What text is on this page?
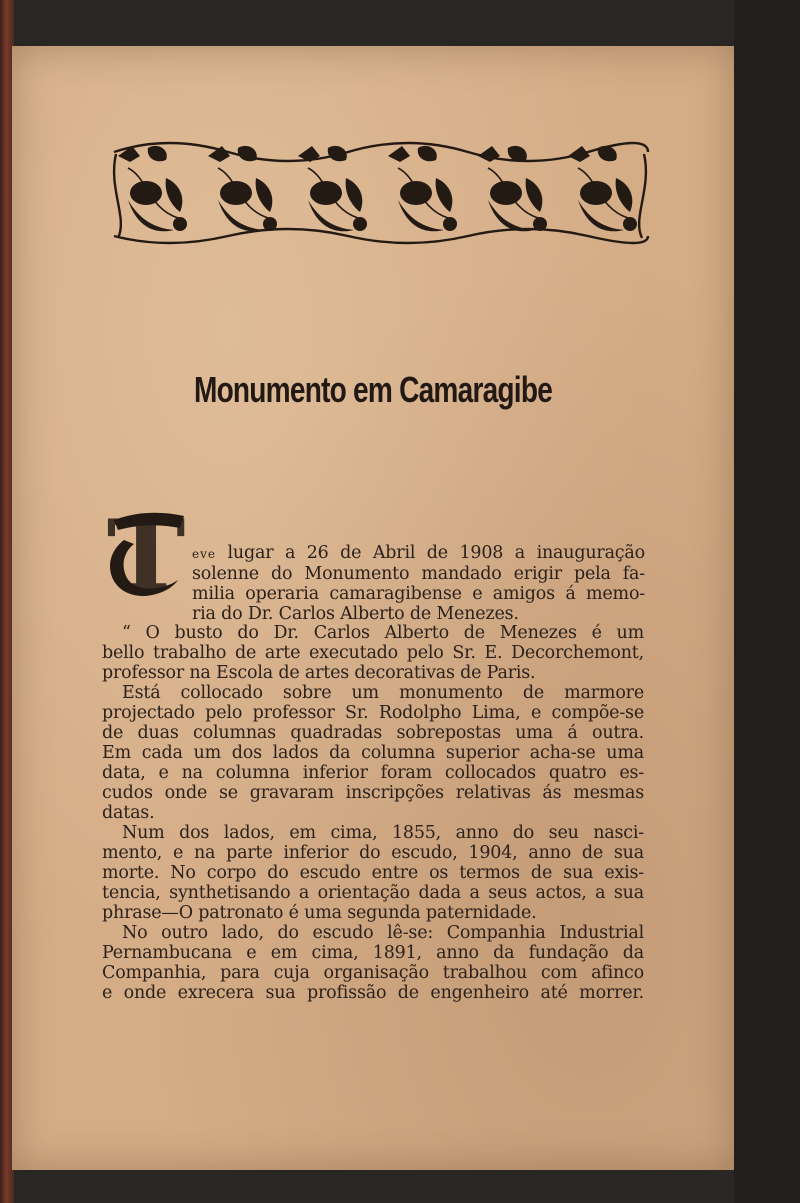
Monumento em Camaragibe
T eve lugar a 26 de Abril de 1908 a inauguração
solenne do Monumento mandado erigir pela fa-
milia operaria camaragibense e amigos á memo-
ria do Dr. Carlos Alberto de Menezes.
“ O busto do Dr. Carlos Alberto de Menezes é um
bello trabalho de arte executado pelo Sr. E. Decorchemont,
professor na Escola de artes decorativas de Paris.
Está collocado sobre um monumento de marmore
projectado pelo professor Sr. Rodolpho Lima, e compõe-se
de duas columnas quadradas sobrepostas uma á outra.
Em cada um dos lados da columna superior acha-se uma
data, e na columna inferior foram collocados quatro es-
cudos onde se gravaram inscripções relativas ás mesmas
datas.
Num dos lados, em cima, 1855, anno do seu nasci-
mento, e na parte inferior do escudo, 1904, anno de sua
morte. No corpo do escudo entre os termos de sua exis-
tencia, synthetisando a orientação dada a seus actos, a sua
phrase—O patronato é uma segunda paternidade.
No outro lado, do escudo lê-se: Companhia Industrial
Pernambucana e em cima, 1891, anno da fundação da
Companhia, para cuja organisação trabalhou com afinco
e onde exrecera sua profissão de engenheiro até morrer.
